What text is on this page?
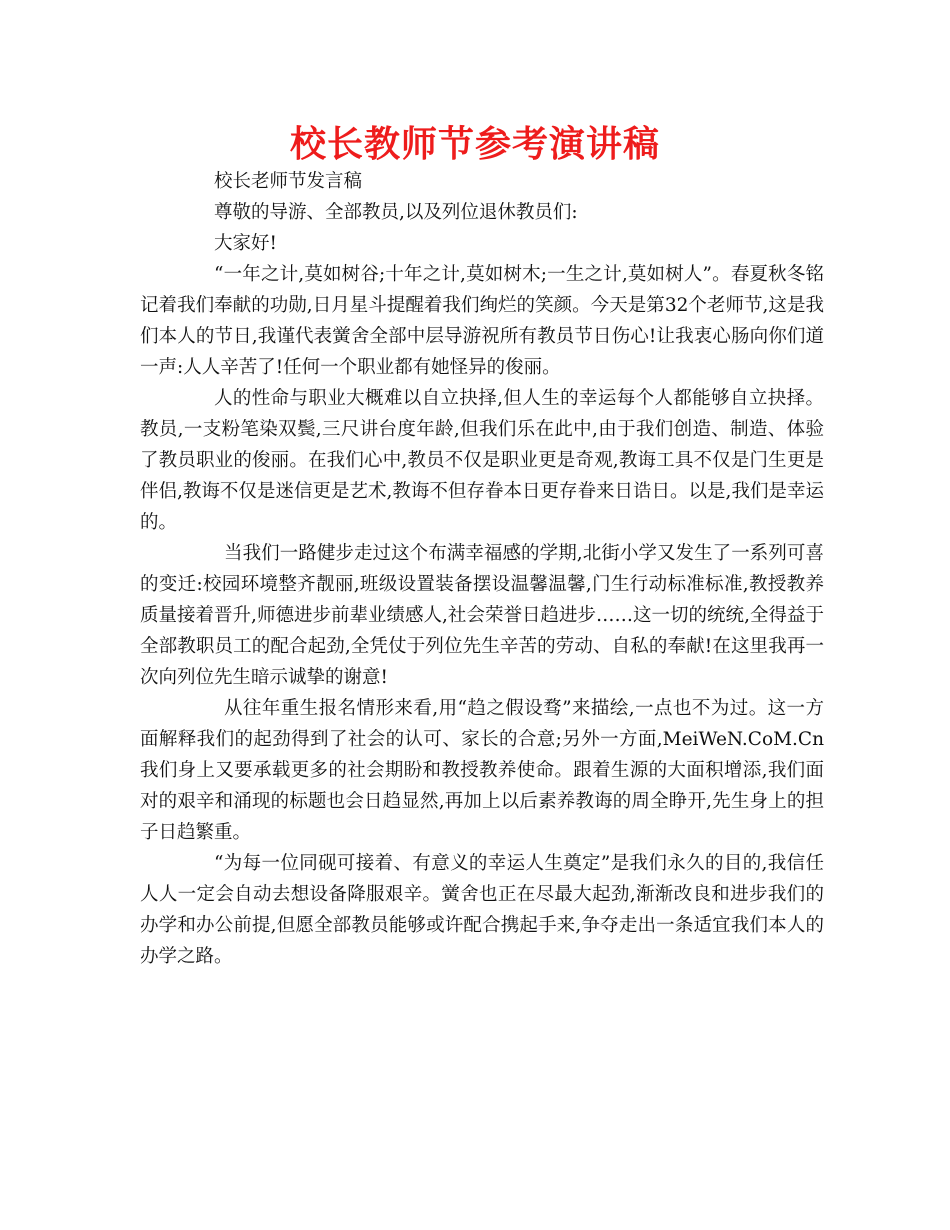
校长教师节参考演讲稿

校长老师节发言稿

尊敬的导游、全部教员,以及列位退休教员们:

大家好!

“一年之计,莫如树谷;十年之计,莫如树木;一生之计,莫如树人”。春夏秋冬铭记着我们奉献的功勋,日月星斗提醒着我们绚烂的笑颜。今天是第32个老师节,这是我们本人的节日,我谨代表黉舍全部中层导游祝所有教员节日伤心!让我衷心肠向你们道一声:人人辛苦了!任何一个职业都有她怪异的俊丽。

人的性命与职业大概难以自立抉择,但人生的幸运每个人都能够自立抉择。教员,一支粉笔染双鬓,三尺讲台度年龄,但我们乐在此中,由于我们创造、制造、体验了教员职业的俊丽。在我们心中,教员不仅是职业更是奇观,教诲工具不仅是门生更是伴侣,教诲不仅是迷信更是艺术,教诲不但存眷本日更存眷来日诰日。以是,我们是幸运的。

当我们一路健步走过这个布满幸福感的学期,北街小学又发生了一系列可喜的变迁:校园环境整齐靓丽,班级设置装备摆设温馨温馨,门生行动标准标准,教授教养质量接着晋升,师德进步前辈业绩感人,社会荣誉日趋进步……这一切的统统,全得益于全部教职员工的配合起劲,全凭仗于列位先生辛苦的劳动、自私的奉献!在这里我再一次向列位先生暗示诚挚的谢意!

从往年重生报名情形来看,用“趋之假设骛”来描绘,一点也不为过。这一方面解释我们的起劲得到了社会的认可、家长的合意;另外一方面,MeiWeN.CoM.Cn我们身上又要承载更多的社会期盼和教授教养使命。跟着生源的大面积增添,我们面对的艰辛和涌现的标题也会日趋显然,再加上以后素养教诲的周全睁开,先生身上的担子日趋繁重。

“为每一位同砚可接着、有意义的幸运人生奠定”是我们永久的目的,我信任人人一定会自动去想设备降服艰辛。黉舍也正在尽最大起劲,渐渐改良和进步我们的办学和办公前提,但愿全部教员能够或许配合携起手来,争夺走出一条适宜我们本人的办学之路。
